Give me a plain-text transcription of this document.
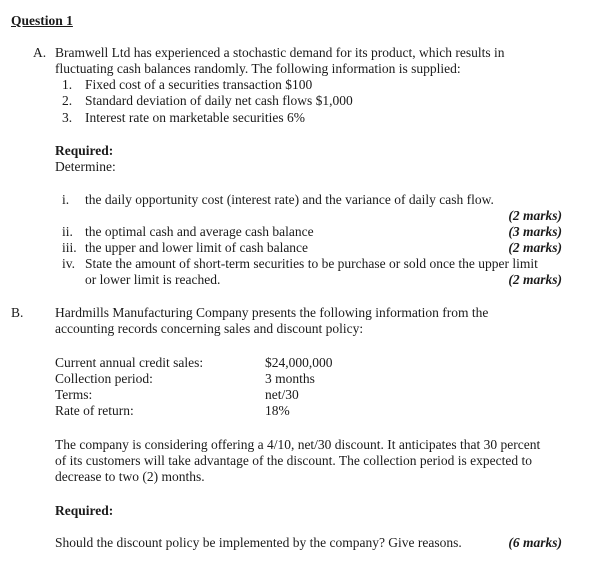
Question 1
A. Bramwell Ltd has experienced a stochastic demand for its product, which results in
fluctuating cash balances randomly. The following information is supplied:
1. Fixed cost of a securities transaction $100
2. Standard deviation of daily net cash flows $1,000
3. Interest rate on marketable securities 6%
Required:
Determine:
i. the daily opportunity cost (interest rate) and the variance of daily cash flow.
(2 marks)
ii. the optimal cash and average cash balance	(3 marks)
iii. the upper and lower limit of cash balance	(2 marks)
iv. State the amount of short-term securities to be purchase or sold once the upper limit
or lower limit is reached.	(2 marks)
B. Hardmills Manufacturing Company presents the following information from the
accounting records concerning sales and discount policy:
Current annual credit sales:	$24,000,000
Collection period:	3 months
Terms:	net/30
Rate of return:	18%
The company is considering offering a 4/10, net/30 discount. It anticipates that 30 percent
of its customers will take advantage of the discount. The collection period is expected to
decrease to two (2) months.
Required:
Should the discount policy be implemented by the company? Give reasons.	(6 marks)
